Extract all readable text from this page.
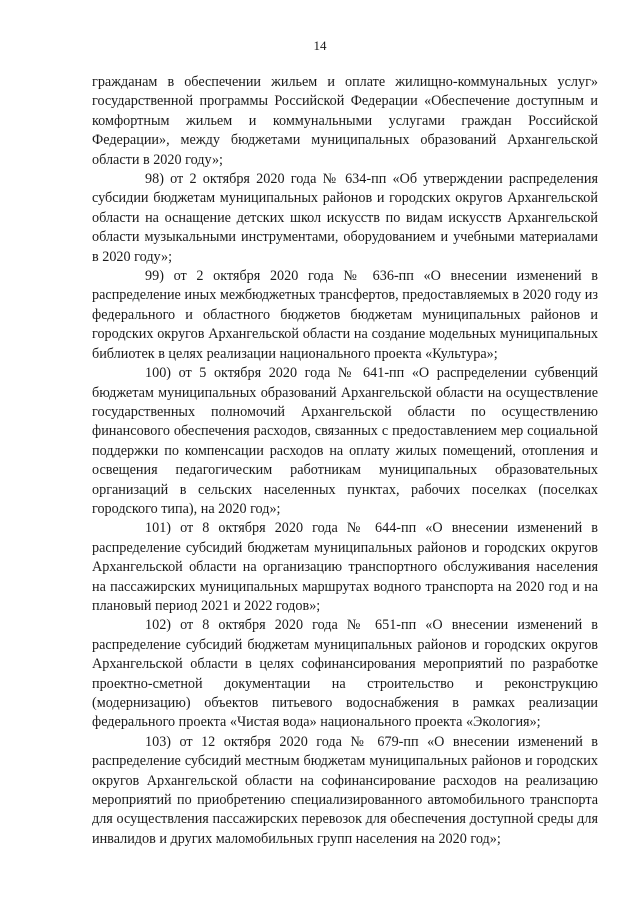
14

гражданам в обеспечении жильем и оплате жилищно-коммунальных услуг» государственной программы Российской Федерации «Обеспечение доступным и комфортным жильем и коммунальными услугами граждан Российской Федерации», между бюджетами муниципальных образований Архангельской области в 2020 году»;

98) от 2 октября 2020 года № 634-пп «Об утверждении распределения субсидии бюджетам муниципальных районов и городских округов Архангельской области на оснащение детских школ искусств по видам искусств Архангельской области музыкальными инструментами, оборудованием и учебными материалами в 2020 году»;

99) от 2 октября 2020 года № 636-пп «О внесении изменений в распределение иных межбюджетных трансфертов, предоставляемых в 2020 году из федерального и областного бюджетов бюджетам муниципальных районов и городских округов Архангельской области на создание модельных муниципальных библиотек в целях реализации национального проекта «Культура»;

100) от 5 октября 2020 года № 641-пп «О распределении субвенций бюджетам муниципальных образований Архангельской области на осуществление государственных полномочий Архангельской области по осуществлению финансового обеспечения расходов, связанных с предоставлением мер социальной поддержки по компенсации расходов на оплату жилых помещений, отопления и освещения педагогическим работникам муниципальных образовательных организаций в сельских населенных пунктах, рабочих поселках (поселках городского типа), на 2020 год»;

101) от 8 октября 2020 года № 644-пп «О внесении изменений в распределение субсидий бюджетам муниципальных районов и городских округов Архангельской области на организацию транспортного обслуживания населения на пассажирских муниципальных маршрутах водного транспорта на 2020 год и на плановый период 2021 и 2022 годов»;

102) от 8 октября 2020 года № 651-пп «О внесении изменений в распределение субсидий бюджетам муниципальных районов и городских округов Архангельской области в целях софинансирования мероприятий по разработке проектно-сметной документации на строительство и реконструкцию (модернизацию) объектов питьевого водоснабжения в рамках реализации федерального проекта «Чистая вода» национального проекта «Экология»;

103) от 12 октября 2020 года № 679-пп «О внесении изменений в распределение субсидий местным бюджетам муниципальных районов и городских округов Архангельской области на софинансирование расходов на реализацию мероприятий по приобретению специализированного автомобильного транспорта для осуществления пассажирских перевозок для обеспечения доступной среды для инвалидов и других маломобильных групп населения на 2020 год»;
